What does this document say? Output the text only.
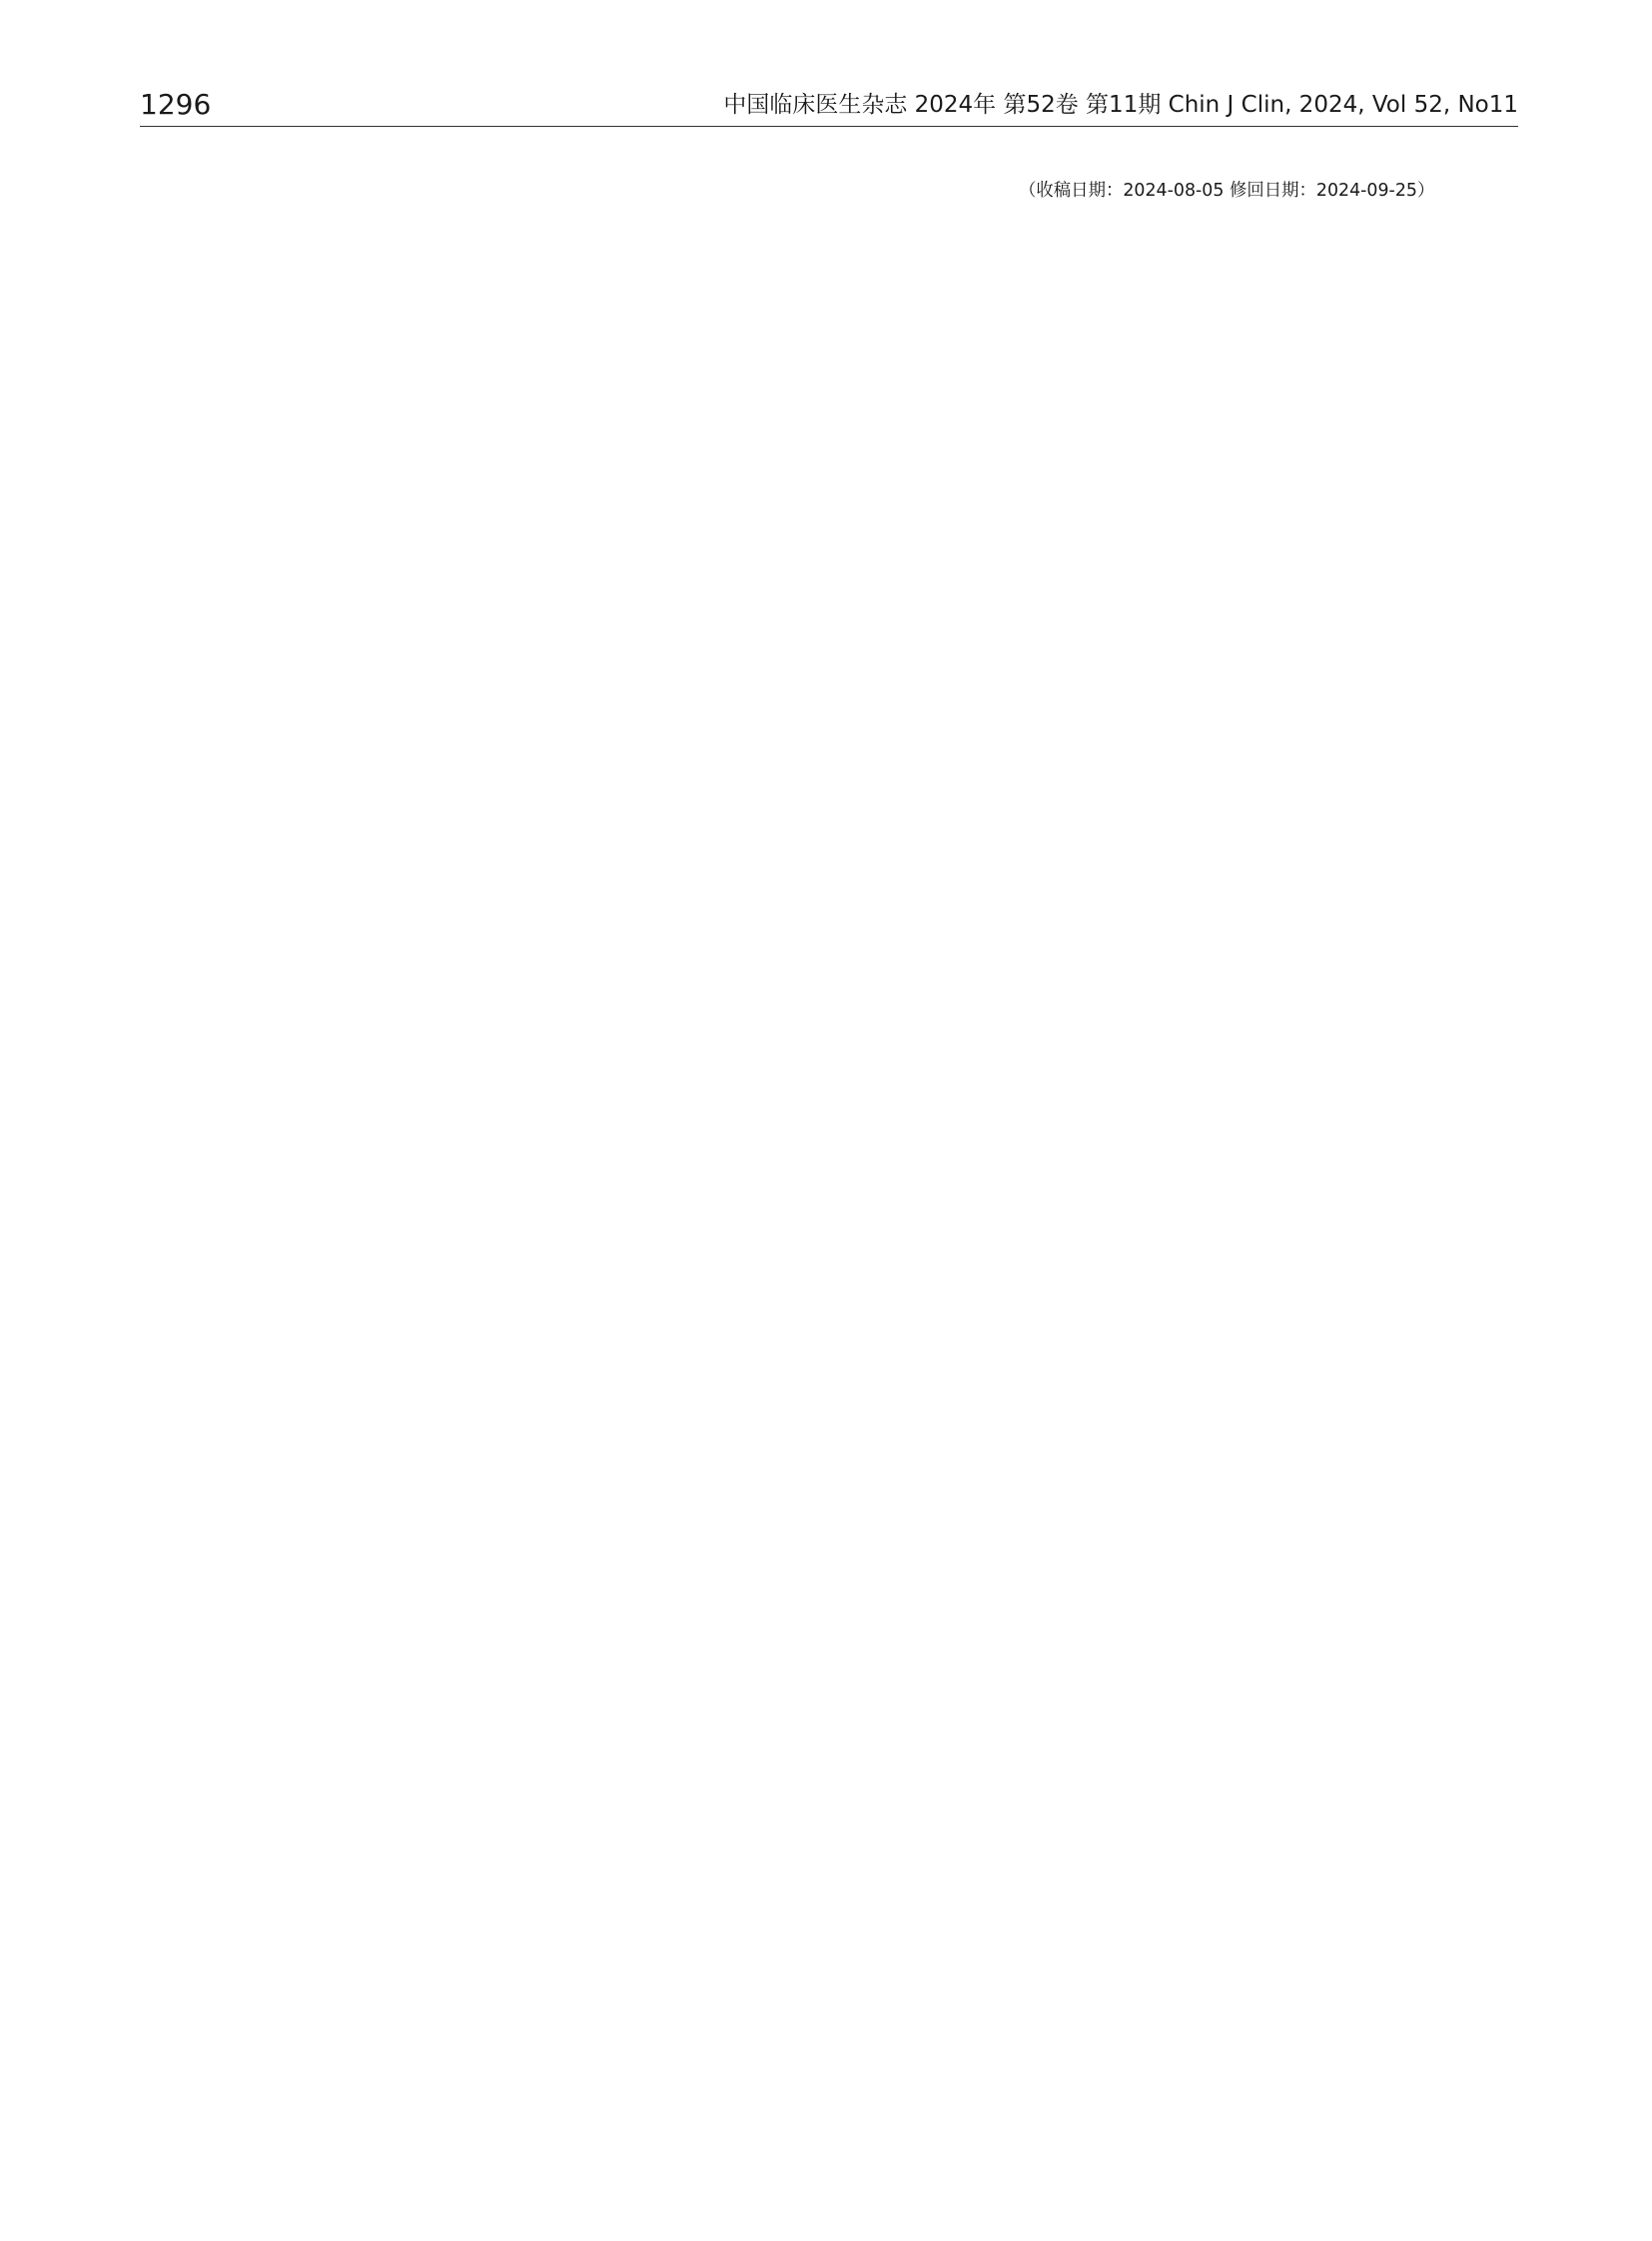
1296	中国临床医生杂志 2024年 第52卷 第11期 Chin J Clin, 2024, Vol 52, No11
（收稿日期：2024-08-05 修回日期：2024-09-25）
